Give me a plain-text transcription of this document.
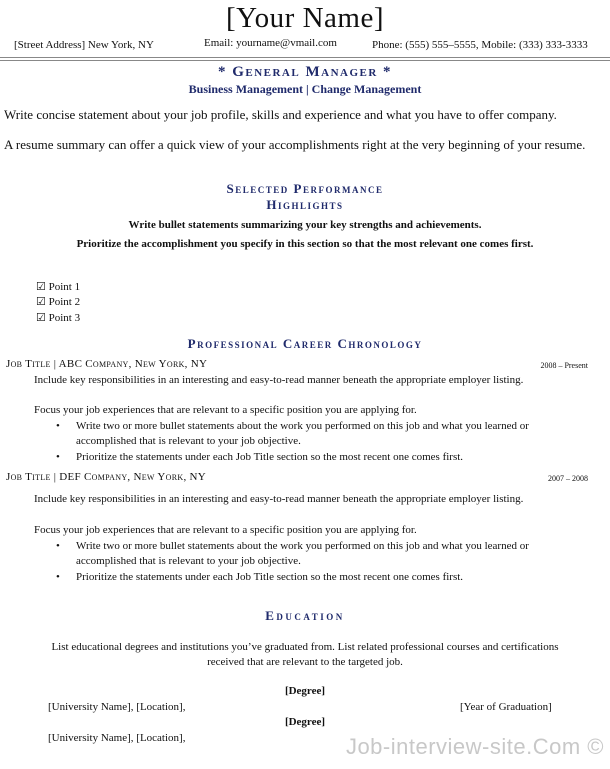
[Your Name]
[Street Address] New York, NY	Email: yourname@vmail.com	Phone: (555) 555–5555, Mobile: (333) 333-3333
* General Manager *
Business Management | Change Management
Write concise statement about your job profile, skills and experience and what you have to offer company.
A resume summary can offer a quick view of your accomplishments right at the very beginning of your resume.
Selected Performance
Highlights
Write bullet statements summarizing your key strengths and achievements.
Prioritize the accomplishment you specify in this section so that the most relevant one comes first.
☑ Point 1
☑ Point 2
☑ Point 3
Professional Career Chronology
Job Title | ABC Company, New York, NY	2008 – Present
Include key responsibilities in an interesting and easy-to-read manner beneath the appropriate employer listing.
Focus your job experiences that are relevant to a specific position you are applying for.
• Write two or more bullet statements about the work you performed on this job and what you learned or accomplished that is relevant to your job objective.
• Prioritize the statements under each Job Title section so the most recent one comes first.
Job Title | DEF Company, New York, NY	2007 – 2008
Include key responsibilities in an interesting and easy-to-read manner beneath the appropriate employer listing.
Focus your job experiences that are relevant to a specific position you are applying for.
• Write two or more bullet statements about the work you performed on this job and what you learned or accomplished that is relevant to your job objective.
• Prioritize the statements under each Job Title section so the most recent one comes first.
Education
List educational degrees and institutions you’ve graduated from. List related professional courses and certifications received that are relevant to the targeted job.
[Degree]
[University Name], [Location],	[Year of Graduation]
[Degree]
[University Name], [Location],	Job-interview-site.Com ©
